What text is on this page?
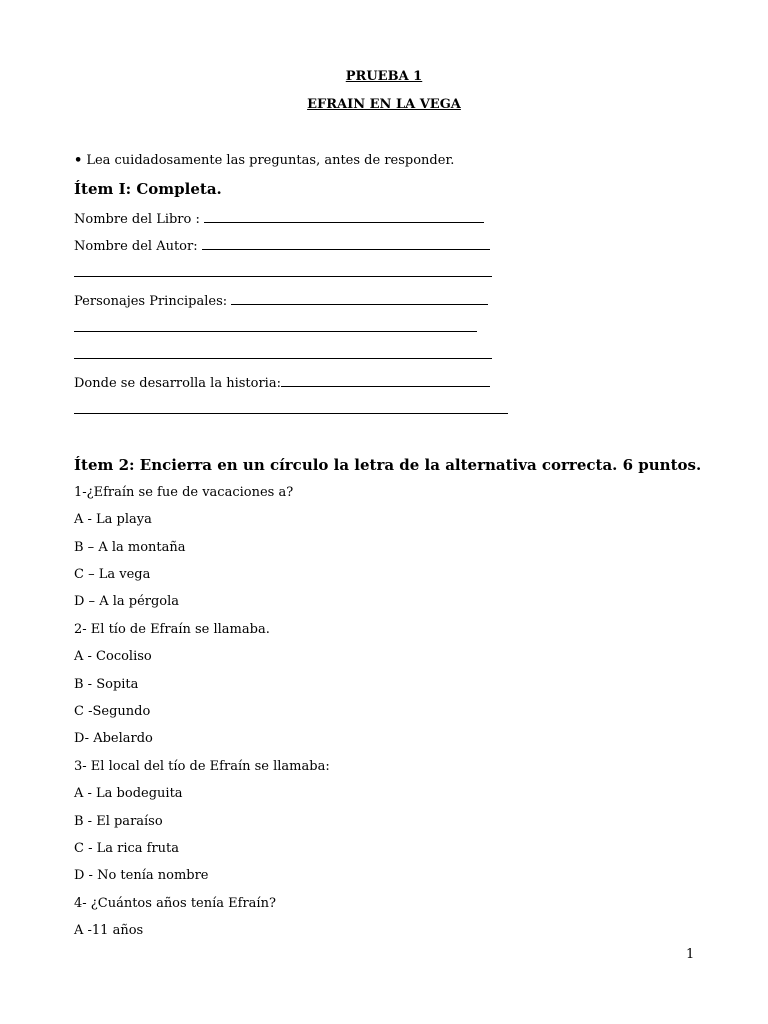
PRUEBA 1
EFRAIN EN LA VEGA
• Lea cuidadosamente las preguntas, antes de responder.
Ítem I: Completa.
Nombre del Libro :
Nombre del Autor:
Personajes Principales:
Donde se desarrolla la historia:
Ítem 2: Encierra en un círculo la letra de la alternativa correcta. 6 puntos.
1-¿Efraín se fue de vacaciones a?
A - La playa
B – A la montaña
C – La vega
D – A la pérgola
2- El tío de Efraín se llamaba.
A - Cocoliso
B - Sopita
C -Segundo
D- Abelardo
3- El local del tío de Efraín se llamaba:
A - La bodeguita
B - El paraíso
C - La rica fruta
D - No tenía nombre
4- ¿Cuántos años tenía Efraín?
A -11 años
1
